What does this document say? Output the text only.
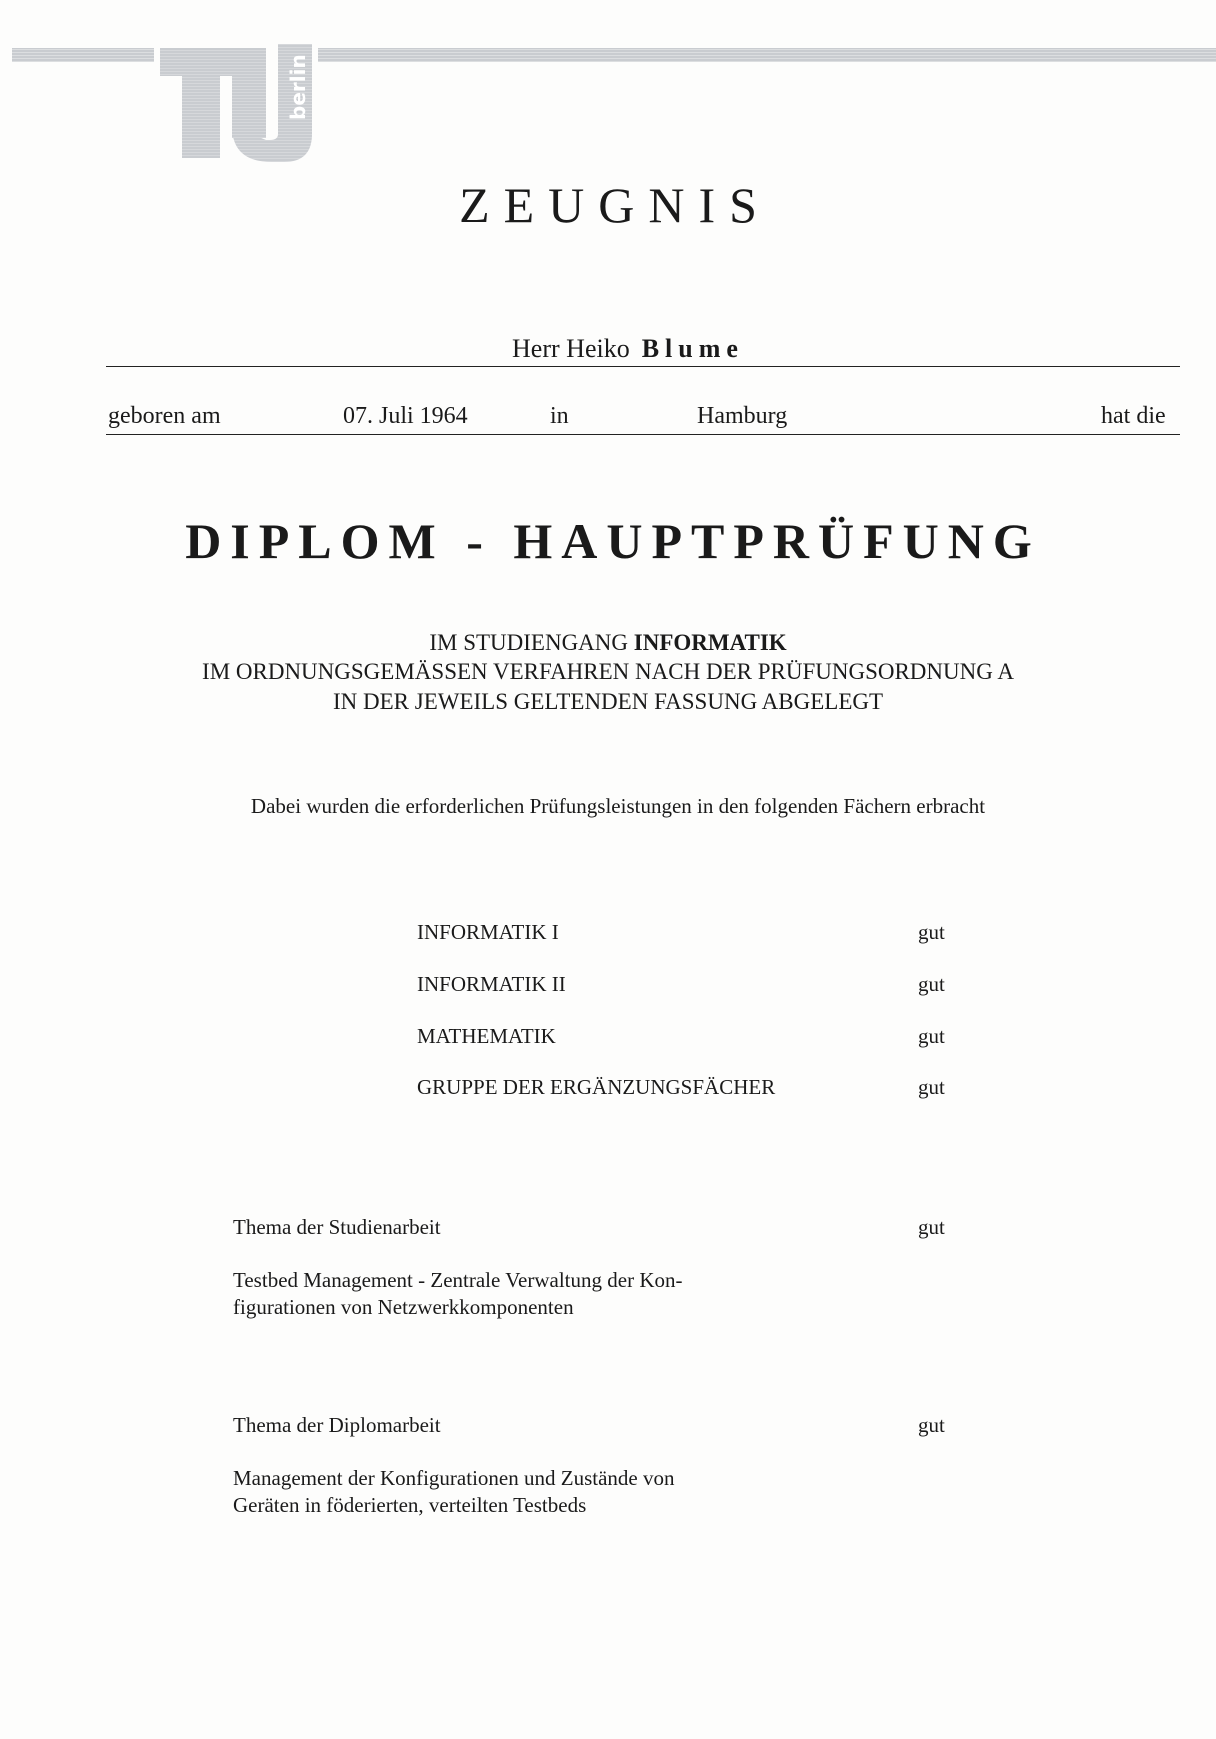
berlin
ZEUGNIS
Herr Heiko Blume
geboren am	07. Juli 1964	in	Hamburg	hat die
DIPLOM - HAUPTPRÜFUNG
IM STUDIENGANG INFORMATIK
IM ORDNUNGSGEMÄSSEN VERFAHREN NACH DER PRÜFUNGSORDNUNG A
IN DER JEWEILS GELTENDEN FASSUNG ABGELEGT
Dabei wurden die erforderlichen Prüfungsleistungen in den folgenden Fächern erbracht
INFORMATIK I	gut
INFORMATIK II	gut
MATHEMATIK	gut
GRUPPE DER ERGÄNZUNGSFÄCHER	gut
Thema der Studienarbeit	gut
Testbed Management - Zentrale Verwaltung der Kon-
figurationen von Netzwerkkomponenten
Thema der Diplomarbeit	gut
Management der Konfigurationen und Zustände von
Geräten in föderierten, verteilten Testbeds
